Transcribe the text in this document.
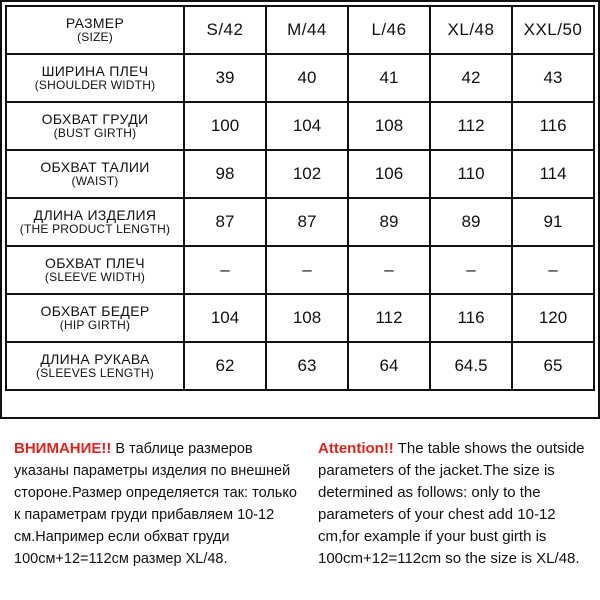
РАЗМЕР
(SIZE)	S/42	M/44	L/46	XL/48	XXL/50

ШИРИНА ПЛЕЧ
(SHOULDER WIDTH)	39	40	41	42	43

ОБХВАТ ГРУДИ
(BUST GIRTH)	100	104	108	112	116

ОБХВАТ ТАЛИИ
(WAIST)	98	102	106	110	114

ДЛИНА ИЗДЕЛИЯ
(THE PRODUCT LENGTH)	87	87	89	89	91

ОБХВАТ ПЛЕЧ
(SLEEVE WIDTH)	–	–	–	–	–

ОБХВАТ БЕДЕР
(HIP GIRTH)	104	108	112	116	120

ДЛИНА РУКАВА
(SLEEVES LENGTH)	62	63	64	64.5	65
ВНИМАНИЕ!! В таблице размеров указаны параметры изделия по внешней стороне.Размер определяется так: только к параметрам груди прибавляем 10-12 см.Например если обхват груди 100см+12=112см размер XL/48.
Attention!! The table shows the outside parameters of the jacket.The size is determined as follows: only to the parameters of your chest add 10-12 cm,for example if your bust girth is 100cm+12=112cm so the size is XL/48.
